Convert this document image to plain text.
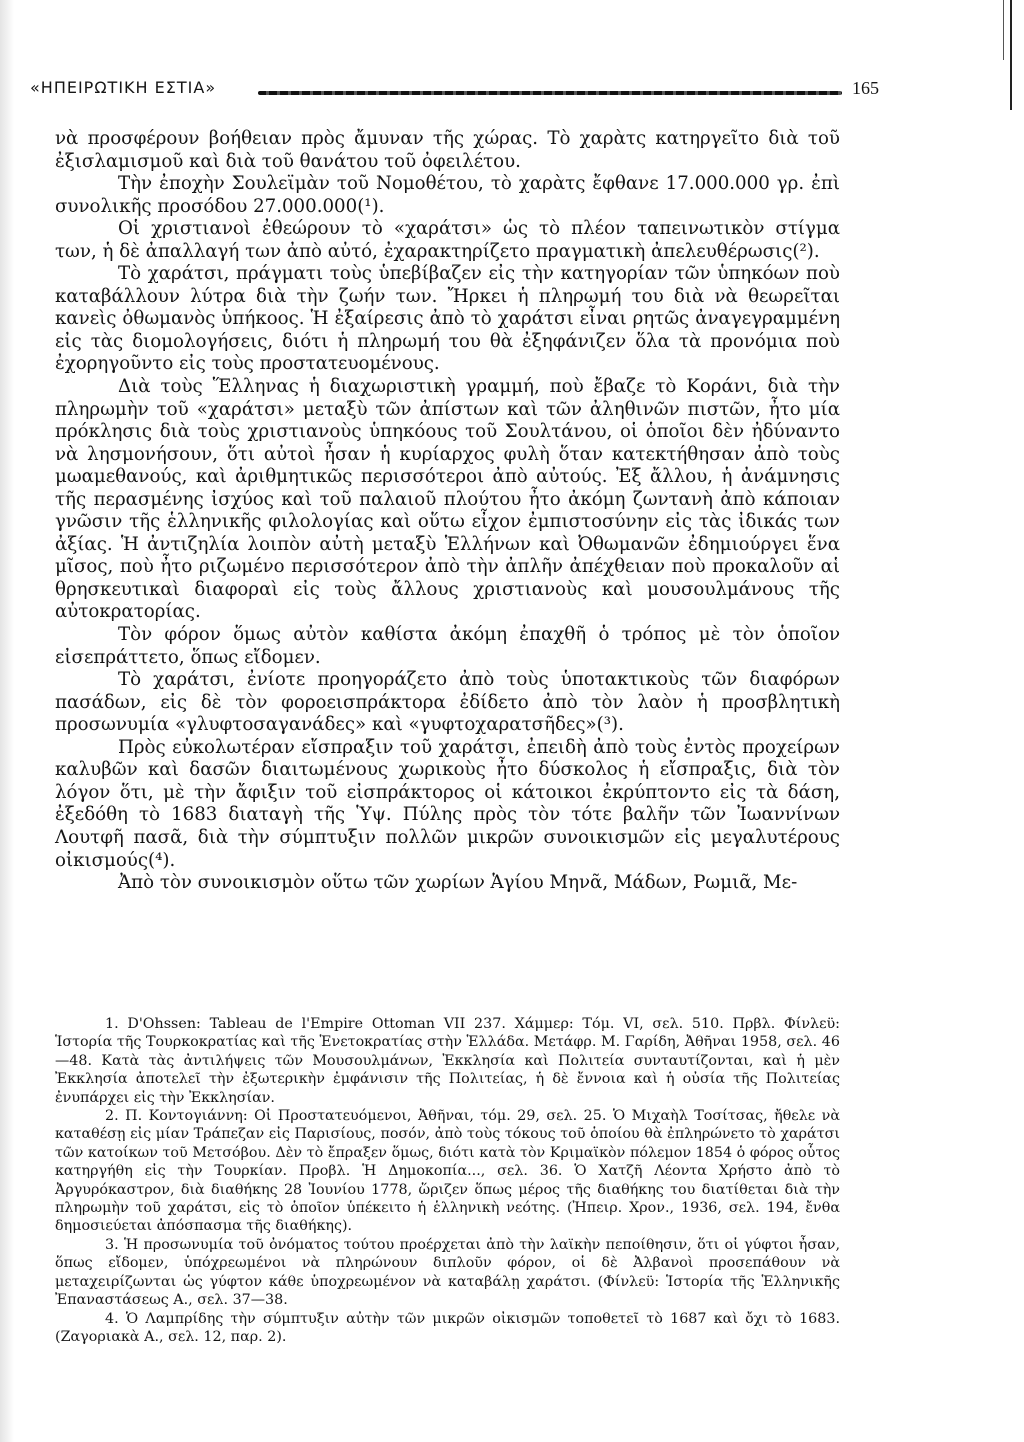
«ΗΠΕΙΡΩΤΙΚΗ ΕΣΤΙΑ»	165

νὰ προσφέρουν βοήθειαν πρὸς ἄμυναν τῆς χώρας. Τὸ χαρὰτς κατηργεῖτο διὰ τοῦ ἐξισλαμισμοῦ καὶ διὰ τοῦ θανάτου τοῦ ὀφειλέτου.

Τὴν ἐποχὴν Σουλεϊμὰν τοῦ Νομοθέτου, τὸ χαρὰτς ἔφθανε 17.000.000 γρ. ἐπὶ συνολικῆς προσόδου 27.000.000(¹).

Οἱ χριστιανοὶ ἐθεώρουν τὸ «χαράτσι» ὡς τὸ πλέον ταπεινωτικὸν στίγμα των, ἡ δὲ ἀπαλλαγή των ἀπὸ αὐτό, ἐχαρακτηρίζετο πραγματικὴ ἀπελευθέρωσις(²).

Τὸ χαράτσι, πράγματι τοὺς ὑπεβίβαζεν εἰς τὴν κατηγορίαν τῶν ὑπηκόων ποὺ καταβάλλουν λύτρα διὰ τὴν ζωήν των. Ἤρκει ἡ πληρωμή του διὰ νὰ θεωρεῖται κανεὶς ὀθωμανὸς ὑπήκοος. Ἡ ἐξαίρεσις ἀπὸ τὸ χαράτσι εἶναι ρητῶς ἀναγεγραμμένη εἰς τὰς διομολογήσεις, διότι ἡ πληρωμή του θὰ ἐξηφάνιζεν ὅλα τὰ προνόμια ποὺ ἐχορηγοῦντο εἰς τοὺς προστατευομένους.

Διὰ τοὺς Ἕλληνας ἡ διαχωριστικὴ γραμμή, ποὺ ἔβαζε τὸ Κοράνι, διὰ τὴν πληρωμὴν τοῦ «χαράτσι» μεταξὺ τῶν ἀπίστων καὶ τῶν ἀληθινῶν πιστῶν, ἦτο μία πρόκλησις διὰ τοὺς χριστιανοὺς ὑπηκόους τοῦ Σουλτάνου, οἱ ὁποῖοι δὲν ἠδύναντο νὰ λησμονήσουν, ὅτι αὐτοὶ ἦσαν ἡ κυρίαρχος φυλὴ ὅταν κατεκτήθησαν ἀπὸ τοὺς μωαμεθανούς, καὶ ἀριθμητικῶς περισσότεροι ἀπὸ αὐτούς. Ἐξ ἄλλου, ἡ ἀνάμνησις τῆς περασμένης ἰσχύος καὶ τοῦ παλαιοῦ πλούτου ἦτο ἀκόμη ζωντανὴ ἀπὸ κάποιαν γνῶσιν τῆς ἑλληνικῆς φιλολογίας καὶ οὕτω εἶχον ἐμπιστοσύνην εἰς τὰς ἰδικάς των ἀξίας. Ἡ ἀντιζηλία λοιπὸν αὐτὴ μεταξὺ Ἑλλήνων καὶ Ὀθωμανῶν ἐδημιούργει ἕνα μῖσος, ποὺ ἦτο ριζωμένο περισσότερον ἀπὸ τὴν ἀπλῆν ἀπέχθειαν ποὺ προκαλοῦν αἱ θρησκευτικαὶ διαφοραὶ εἰς τοὺς ἄλλους χριστιανοὺς καὶ μουσουλμάνους τῆς αὐτοκρατορίας.

Τὸν φόρον ὅμως αὐτὸν καθίστα ἀκόμη ἐπαχθῆ ὁ τρόπος μὲ τὸν ὁποῖον εἰσεπράττετο, ὅπως εἴδομεν.

Τὸ χαράτσι, ἐνίοτε προηγοράζετο ἀπὸ τοὺς ὑποτακτικοὺς τῶν διαφόρων πασάδων, εἰς δὲ τὸν φοροεισπράκτορα ἐδίδετο ἀπὸ τὸν λαὸν ἡ προσβλητικὴ προσωνυμία «γλυφτοσαγανάδες» καὶ «γυφτοχαρατσῆδες»(³).

Πρὸς εὐκολωτέραν εἴσπραξιν τοῦ χαράτσι, ἐπειδὴ ἀπὸ τοὺς ἐντὸς προχείρων καλυβῶν καὶ δασῶν διαιτωμένους χωρικοὺς ἦτο δύσκολος ἡ εἴσπραξις, διὰ τὸν λόγον ὅτι, μὲ τὴν ἄφιξιν τοῦ εἰσπράκτορος οἱ κάτοικοι ἐκρύπτοντο εἰς τὰ δάση, ἐξεδόθη τὸ 1683 διαταγὴ τῆς Ὑψ. Πύλης πρὸς τὸν τότε βαλῆν τῶν Ἰωαννίνων Λουτφῆ πασᾶ, διὰ τὴν σύμπτυξιν πολλῶν μικρῶν συνοικισμῶν εἰς μεγαλυτέρους οἰκισμούς(⁴).

Ἀπὸ τὸν συνοικισμὸν οὕτω τῶν χωρίων Ἁγίου Μηνᾶ, Μάδων, Ρωμιᾶ, Με-

1. D'Ohssen: Tableau de l'Empire Ottoman VII 237. Χάμμερ: Τόμ. VI, σελ. 510. Πρβλ. Φίνλεϋ: Ἱστορία τῆς Τουρκοκρατίας καὶ τῆς Ἑνετοκρατίας στὴν Ἑλλάδα. Μετάφρ. Μ. Γαρίδη, Ἀθῆναι 1958, σελ. 46—48. Κατὰ τὰς ἀντιλήψεις τῶν Μουσουλμάνων, Ἐκκλησία καὶ Πολιτεία συνταυτίζονται, καὶ ἡ μὲν Ἐκκλησία ἀποτελεῖ τὴν ἐξωτερικὴν ἐμφάνισιν τῆς Πολιτείας, ἡ δὲ ἔννοια καὶ ἡ οὐσία τῆς Πολιτείας ἐνυπάρχει εἰς τὴν Ἐκκλησίαν.

2. Π. Κοντογιάννη: Οἱ Προστατευόμενοι, Ἀθῆναι, τόμ. 29, σελ. 25. Ὁ Μιχαὴλ Τοσίτσας, ἤθελε νὰ καταθέσῃ εἰς μίαν Τράπεζαν εἰς Παρισίους, ποσόν, ἀπὸ τοὺς τόκους τοῦ ὁποίου θὰ ἐπληρώνετο τὸ χαράτσι τῶν κατοίκων τοῦ Μετσόβου. Δὲν τὸ ἔπραξεν ὅμως, διότι κατὰ τὸν Κριμαϊκὸν πόλεμον 1854 ὁ φόρος οὗτος κατηργήθη εἰς τὴν Τουρκίαν. Προβλ. Ἡ Δημοκοπία..., σελ. 36. Ὁ Χατζῆ Λέοντα Χρήστο ἀπὸ τὸ Ἀργυρόκαστρον, διὰ διαθήκης 28 Ἰουνίου 1778, ὥριζεν ὅπως μέρος τῆς διαθήκης του διατίθεται διὰ τὴν πληρωμὴν τοῦ χαράτσι, εἰς τὸ ὁποῖον ὑπέκειτο ἡ ἑλληνικὴ νεότης. (Ἠπειρ. Χρον., 1936, σελ. 194, ἔνθα δημοσιεύεται ἀπόσπασμα τῆς διαθήκης).

3. Ἡ προσωνυμία τοῦ ὀνόματος τούτου προέρχεται ἀπὸ τὴν λαϊκὴν πεποίθησιν, ὅτι οἱ γύφτοι ἦσαν, ὅπως εἴδομεν, ὑπόχρεωμένοι νὰ πληρώνουν διπλοῦν φόρον, οἱ δὲ Ἀλβανοὶ προσεπάθουν νὰ μεταχειρίζωνται ὡς γύφτον κάθε ὑποχρεωμένον νὰ καταβάλῃ χαράτσι. (Φίνλεϋ: Ἱστορία τῆς Ἑλληνικῆς Ἐπαναστάσεως Α., σελ. 37—38.

4. Ὁ Λαμπρίδης τὴν σύμπτυξιν αὐτὴν τῶν μικρῶν οἰκισμῶν τοποθετεῖ τὸ 1687 καὶ ὄχι τὸ 1683. (Ζαγοριακὰ Α., σελ. 12, παρ. 2).
